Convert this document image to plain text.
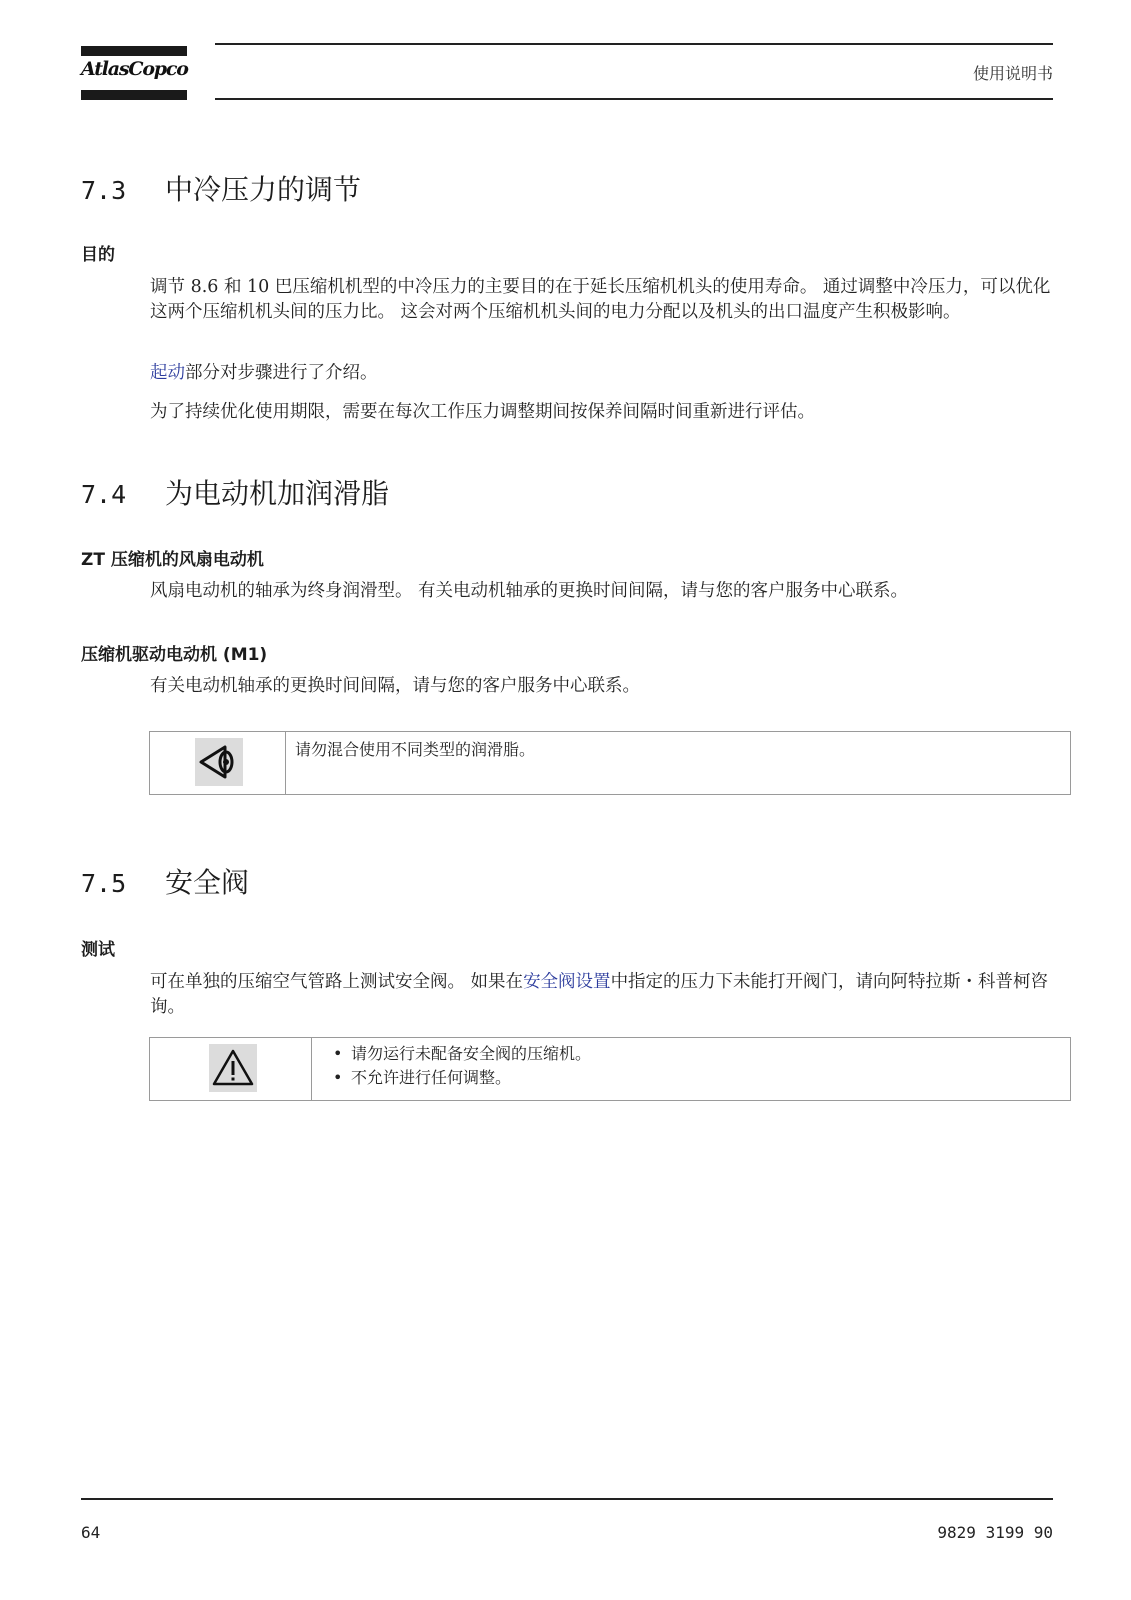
AtlasCopco	使用说明书
7.3 中冷压力的调节
目的
调节 8.6 和 10 巴压缩机机型的中冷压力的主要目的在于延长压缩机机头的使用寿命。 通过调整中冷压力，可以优化这两个压缩机机头间的压力比。 这会对两个压缩机机头间的电力分配以及机头的出口温度产生积极影响。
起动部分对步骤进行了介绍。
为了持续优化使用期限，需要在每次工作压力调整期间按保养间隔时间重新进行评估。
7.4 为电动机加润滑脂
ZT 压缩机的风扇电动机
风扇电动机的轴承为终身润滑型。 有关电动机轴承的更换时间间隔，请与您的客户服务中心联系。
压缩机驱动电动机 (M1)
有关电动机轴承的更换时间间隔，请与您的客户服务中心联系。
请勿混合使用不同类型的润滑脂。
7.5 安全阀
测试
可在单独的压缩空气管路上测试安全阀。 如果在安全阀设置中指定的压力下未能打开阀门，请向阿特拉斯・科普柯咨询。
• 请勿运行未配备安全阀的压缩机。
• 不允许进行任何调整。
64	9829 3199 90
